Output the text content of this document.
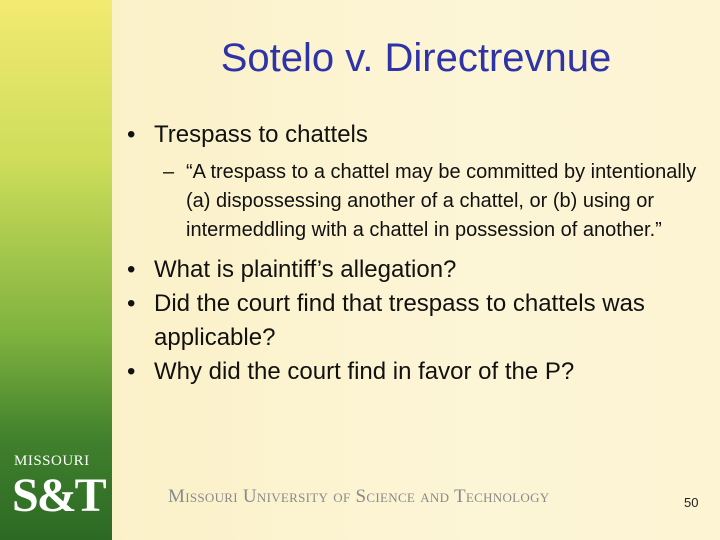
Sotelo v. Directrevnue
• Trespass to chattels
– “A trespass to a chattel may be committed by intentionally (a) dispossessing another of a chattel, or (b) using or intermeddling with a chattel in possession of another.”
• What is plaintiff’s allegation?
• Did the court find that trespass to chattels was applicable?
• Why did the court find in favor of the P?
MISSOURI
S&T	Missouri University of Science and Technology	50
